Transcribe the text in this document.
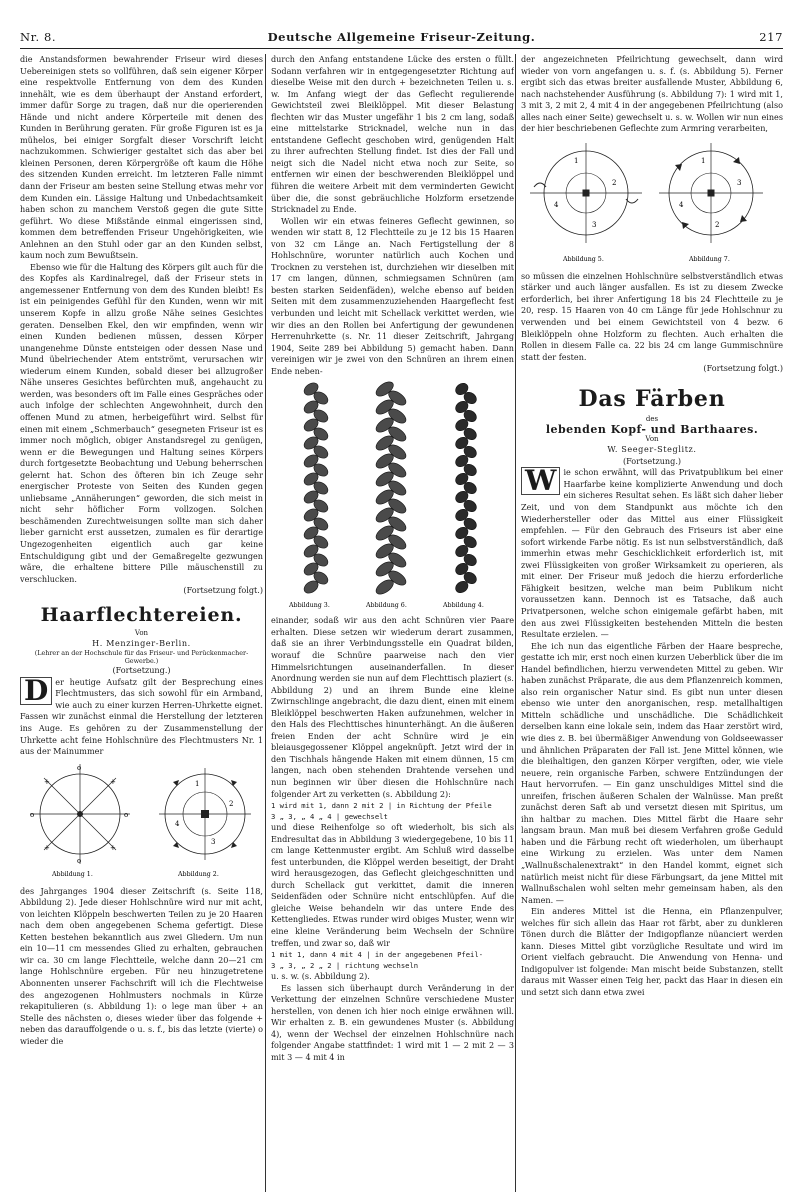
Nr. 8.	Deutsche Allgemeine Friseur-Zeitung.	217

die Anstandsformen bewahrender Friseur wird dieses Uebereinigen stets so vollführen, daß sein eigener Körper eine respektvolle Entfernung von dem des Kunden innehält, wie es dem überhaupt der Anstand erfordert, immer dafür Sorge zu tragen, daß nur die operierenden Hände und nicht andere Körperteile mit denen des Kunden in Berührung geraten. Für große Figuren ist es ja mühelos, bei einiger Sorgfalt dieser Vorschrift leicht nachzukommen. Schwieriger gestaltet sich das aber bei kleinen Personen, deren Körpergröße oft kaum die Höhe des sitzenden Kunden erreicht. Im letzteren Falle nimmt dann der Friseur am besten seine Stellung etwas mehr vor dem Kunden ein. Lässige Haltung und Unbedachtsamkeit haben schon zu manchem Verstoß gegen die gute Sitte geführt. Wo diese Mißstände einmal eingerissen sind, kommen dem betreffenden Friseur Ungehörigkeiten, wie Anlehnen an den Stuhl oder gar an den Kunden selbst, kaum noch zum Bewußtsein.

Ebenso wie für die Haltung des Körpers gilt auch für die des Kopfes als Kardinalregel, daß der Friseur stets in angemessener Entfernung von dem des Kunden bleibt! Es ist ein peinigendes Gefühl für den Kunden, wenn wir mit unserem Kopfe in allzu große Nähe seines Gesichtes geraten. Denselben Ekel, den wir empfinden, wenn wir einen Kunden bedienen müssen, dessen Körper unangenehme Dünste entsteigen oder dessen Nase und Mund übelriechender Atem entströmt, verursachen wir wiederum einem Kunden, sobald dieser bei allzugroßer Nähe unseres Gesichtes befürchten muß, angehaucht zu werden, was besonders oft im Falle eines Gespräches oder auch infolge der schlechten Angewohnheit, durch den offenen Mund zu atmen, herbeigeführt wird. Selbst für einen mit einem „Schmerbauch“ gesegneten Friseur ist es immer noch möglich, obiger Anstandsregel zu genügen, wenn er die Bewegungen und Haltung seines Körpers durch fortgesetzte Beobachtung und Uebung beherrschen gelernt hat. Schon des öfteren bin ich Zeuge sehr energischer Proteste von Seiten des Kunden gegen unliebsame „Annäherungen“ geworden, die sich meist in nicht sehr höflicher Form vollzogen. Solchen beschämenden Zurechtweisungen sollte man sich daher lieber garnicht erst aussetzen, zumalen es für derartige Ungezogenheiten eigentlich auch gar keine Entschuldigung gibt und der Gemaßregelte gezwungen wäre, die erhaltene bittere Pille mäuschenstill zu verschlucken.

(Fortsetzung folgt.)
Haarflechtereien.
Von
H. Menzinger-Berlin.
(Lehrer an der Hochschule für das Friseur- und Perückenmacher-Gewerbe.)
(Fortsetzung.)

D er heutige Aufsatz gilt der Besprechung eines Flechtmusters, das sich sowohl für ein Armband, wie auch zu einer kurzen Herren-Uhrkette eignet. Fassen wir zunächst einmal die Herstellung der letzteren ins Auge. Es gehören zu der Zusammenstellung der Uhrkette acht feine Hohlschnüre des Flechtmusters Nr. 1 aus der Mainummer

o
+
o
+
o
+
o
+	1
2
3
4
Abbildung 1.	Abbildung 2.

des Jahrganges 1904 dieser Zeitschrift (s. Seite 118, Abbildung 2). Jede dieser Hohlschnüre wird nur mit acht, von leichten Klöppeln beschwerten Teilen zu je 20 Haaren nach dem oben angegebenen Schema gefertigt. Diese Ketten bestehen bekanntlich aus zwei Gliedern. Um nun ein 10—11 cm messendes Glied zu erhalten, gebrauchen wir ca. 30 cm lange Flechtteile, welche dann 20—21 cm lange Hohlschnüre ergeben. Für neu hinzugetretene Abonnenten unserer Fachschrift will ich die Flechtweise des angezogenen Hohlmusters nochmals in Kürze rekapitulieren (s. Abbildung 1): o lege man über + an Stelle des nächsten o, dieses wieder über das folgende + neben das darauffolgende o u. s. f., bis das letzte (vierte) o wieder die

durch den Anfang entstandene Lücke des ersten o füllt. Sodann verfahren wir in entgegengesetzter Richtung auf dieselbe Weise mit den durch + bezeichneten Teilen u. s. w. Im Anfang wiegt der das Geflecht regulierende Gewichtsteil zwei Bleiklöppel. Mit dieser Belastung flechten wir das Muster ungefähr 1 bis 2 cm lang, sodaß eine mittelstarke Stricknadel, welche nun in das entstandene Geflecht geschoben wird, genügenden Halt zu ihrer aufrechten Stellung findet. Ist dies der Fall und neigt sich die Nadel nicht etwa noch zur Seite, so entfernen wir einen der beschwerenden Bleiklöppel und führen die weitere Arbeit mit dem verminderten Gewicht über die, die sonst gebräuchliche Holzform ersetzende Stricknadel zu Ende.

Wollen wir ein etwas feineres Geflecht gewinnen, so wenden wir statt 8, 12 Flechtteile zu je 12 bis 15 Haaren von 32 cm Länge an. Nach Fertigstellung der 8 Hohlschnüre, worunter natürlich auch Kochen und Trocknen zu verstehen ist, durchziehen wir dieselben mit 17 cm langen, dünnen, schmiegsamen Schnüren (am besten starken Seidenfäden), welche ebenso auf beiden Seiten mit dem zusammenzuziehenden Haargeflecht fest verbunden und leicht mit Schellack verkittet werden, wie wir dies an den Rollen bei Anfertigung der gewundenen Herrenuhrkette (s. Nr. 11 dieser Zeitschrift, Jahrgang 1904, Seite 289 bei Abbildung 5) gemacht haben. Dann vereinigen wir je zwei von den Schnüren an ihrem einen Ende neben-

Abbildung 3.	Abbildung 6.	Abbildung 4.

einander, sodaß wir aus den acht Schnüren vier Paare erhalten. Diese setzen wir wiederum derart zusammen, daß sie an ihrer Verbindungsstelle ein Quadrat bilden, worauf die Schnüre paarweise nach den vier Himmelsrichtungen auseinanderfallen. In dieser Anordnung werden sie nun auf dem Flechttisch plaziert (s. Abbildung 2) und an ihrem Bunde eine kleine Zwirnschlinge angebracht, die dazu dient, einen mit einem Bleiklöppel beschwerten Haken aufzunehmen, welcher in den Hals des Flechttisches hinunterhängt. An die äußeren freien Enden der acht Schnüre wird je ein bleiausgegossener Klöppel angeknüpft. Jetzt wird der in den Tischhals hängende Haken mit einem dünnen, 15 cm langen, nach oben stehenden Drahtende versehen und nun beginnen wir über diesen die Hohlschnüre nach folgender Art zu verketten (s. Abbildung 2):

1 wird mit 1, dann 2 mit 2 | in Richtung der Pfeile
3 „ 3, „ 4 „ 4 | gewechselt

und diese Reihenfolge so oft wiederholt, bis sich als Endresultat das in Abbildung 3 wiedergegebene, 10 bis 11 cm lange Kettenmuster ergibt. Am Schluß wird dasselbe fest unterbunden, die Klöppel werden beseitigt, der Draht wird herausgezogen, das Geflecht gleichgeschnitten und durch Schellack gut verkittet, damit die inneren Seidenfäden oder Schnüre nicht entschlüpfen. Auf die gleiche Weise behandeln wir das untere Ende des Kettengliedes. Etwas runder wird obiges Muster, wenn wir eine kleine Veränderung beim Wechseln der Schnüre treffen, und zwar so, daß wir

1 mit 1, dann 4 mit 4 | in der angegebenen Pfeil-
3 „ 3, „ 2 „ 2 | richtung wechseln

u. s. w. (s. Abbildung 2).

Es lassen sich überhaupt durch Veränderung in der Verkettung der einzelnen Schnüre verschiedene Muster herstellen, von denen ich hier noch einige erwähnen will. Wir erhalten z. B. ein gewundenes Muster (s. Abbildung 4), wenn der Wechsel der einzelnen Hohlschnüre nach folgender Angabe stattfindet: 1 wird mit 1 — 2 mit 2 — 3 mit 3 — 4 mit 4 in

der angezeichneten Pfeilrichtung gewechselt, dann wird wieder von vorn angefangen u. s. f. (s. Abbildung 5). Ferner ergibt sich das etwas breiter ausfallende Muster, Abbildung 6, nach nachstehender Ausführung (s. Abbildung 7): 1 wird mit 1, 3 mit 3, 2 mit 2, 4 mit 4 in der angegebenen Pfeilrichtung (also alles nach einer Seite) gewechselt u. s. w. Wollen wir nun eines der hier beschriebenen Geflechte zum Armring verarbeiten,

1
2
3
4
1
3
2
4
Abbildung 5.	Abbildung 7.

so müssen die einzelnen Hohlschnüre selbstverständlich etwas stärker und auch länger ausfallen. Es ist zu diesem Zwecke erforderlich, bei ihrer Anfertigung 18 bis 24 Flechtteile zu je 20, resp. 15 Haaren von 40 cm Länge für jede Hohlschnur zu verwenden und bei einem Gewichtsteil von 4 bezw. 6 Bleiklöppeln ohne Holzform zu flechten. Auch erhalten die Rollen in diesem Falle ca. 22 bis 24 cm lange Gummischnüre statt der festen.

(Fortsetzung folgt.)
Das Färben
des
lebenden Kopf- und Barthaares.
Von
W. Seeger-Steglitz.
(Fortsetzung.)

W ie schon erwähnt, will das Privatpublikum bei einer Haarfarbe keine komplizierte Anwendung und doch ein sicheres Resultat sehen. Es läßt sich daher lieber Zeit, und von dem Standpunkt aus möchte ich den Wiederhersteller oder das Mittel aus einer Flüssigkeit empfehlen. — Für den Gebrauch des Friseurs ist aber eine sofort wirkende Farbe nötig. Es ist nun selbstverständlich, daß immerhin etwas mehr Geschicklichkeit erforderlich ist, mit zwei Flüssigkeiten von großer Wirksamkeit zu operieren, als mit einer. Der Friseur muß jedoch die hierzu erforderliche Fähigkeit besitzen, welche man beim Publikum nicht voraussetzen kann. Dennoch ist es Tatsache, daß auch Privatpersonen, welche schon einigemale gefärbt haben, mit den aus zwei Flüssigkeiten bestehenden Mitteln die besten Resultate erzielen. —

Ehe ich nun das eigentliche Färben der Haare bespreche, gestatte ich mir, erst noch einen kurzen Ueberblick über die im Handel befindlichen, hierzu verwendeten Mittel zu geben. Wir haben zunächst Präparate, die aus dem Pflanzenreich kommen, also rein organischer Natur sind. Es gibt nun unter diesen ebenso wie unter den anorganischen, resp. metallhaltigen Mitteln schädliche und unschädliche. Die Schädlichkeit derselben kann eine lokale sein, indem das Haar zerstört wird, wie dies z. B. bei übermäßiger Anwendung von Goldseewasser und ähnlichen Präparaten der Fall ist. Jene Mittel können, wie die bleihaltigen, den ganzen Körper vergiften, oder, wie viele neuere, rein organische Farben, schwere Entzündungen der Haut hervorrufen. — Ein ganz unschuldiges Mittel sind die unreifen, frischen äußeren Schalen der Walnüsse. Man preßt zunächst deren Saft ab und versetzt diesen mit Spiritus, um ihn haltbar zu machen. Dies Mittel färbt die Haare sehr langsam braun. Man muß bei diesem Verfahren große Geduld haben und die Färbung recht oft wiederholen, um überhaupt eine Wirkung zu erzielen. Was unter dem Namen „Wallnußschalenextrakt“ in den Handel kommt, eignet sich natürlich meist nicht für diese Färbungsart, da jene Mittel mit Wallnußschalen wohl selten mehr gemeinsam haben, als den Namen. —

Ein anderes Mittel ist die Henna, ein Pflanzenpulver, welches für sich allein das Haar rot färbt, aber zu dunkleren Tönen durch die Blätter der Indigopflanze nüanciert werden kann. Dieses Mittel gibt vorzügliche Resultate und wird im Orient vielfach gebraucht. Die Anwendung von Henna- und Indigopulver ist folgende: Man mischt beide Substanzen, stellt daraus mit Wasser einen Teig her, packt das Haar in diesen ein und setzt sich dann etwa zwei
